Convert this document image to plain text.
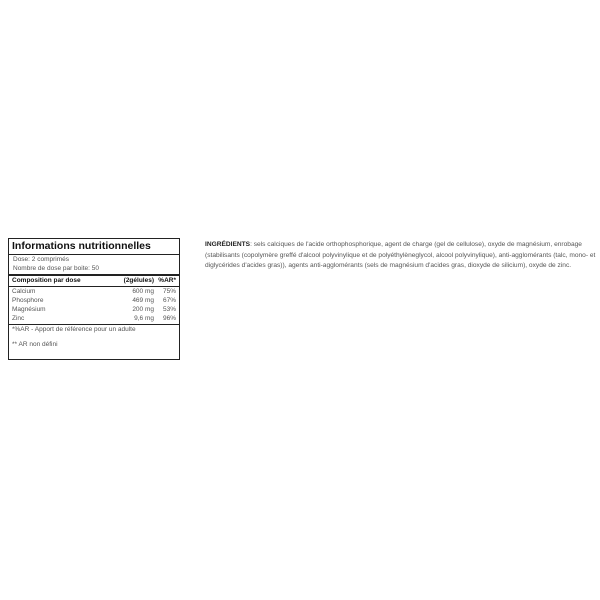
Informations nutritionnelles
Dose: 2 comprimés
Nombre de dose par boite: 50
Composition par dose	(2gélules) %AR*
Calcium	600 mg	75%
Phosphore	469 mg	67%
Magnésium	200 mg	53%
Zinc	9,6 mg	96%
*%AR - Apport de référence pour un adulte
** AR non défini
INGRÉDIENTS: sels calciques de l'acide orthophosphorique, agent de charge (gel de cellulose), oxyde de magnésium, enrobage (stabilisants (copolymère greffé d'alcool polyvinylique et de polyéthylèneglycol, alcool polyvinylique), anti-agglomérants (talc, mono- et diglycérides d'acides gras)), agents anti-agglomérants (sels de magnésium d'acides gras, dioxyde de silicium), oxyde de zinc.
